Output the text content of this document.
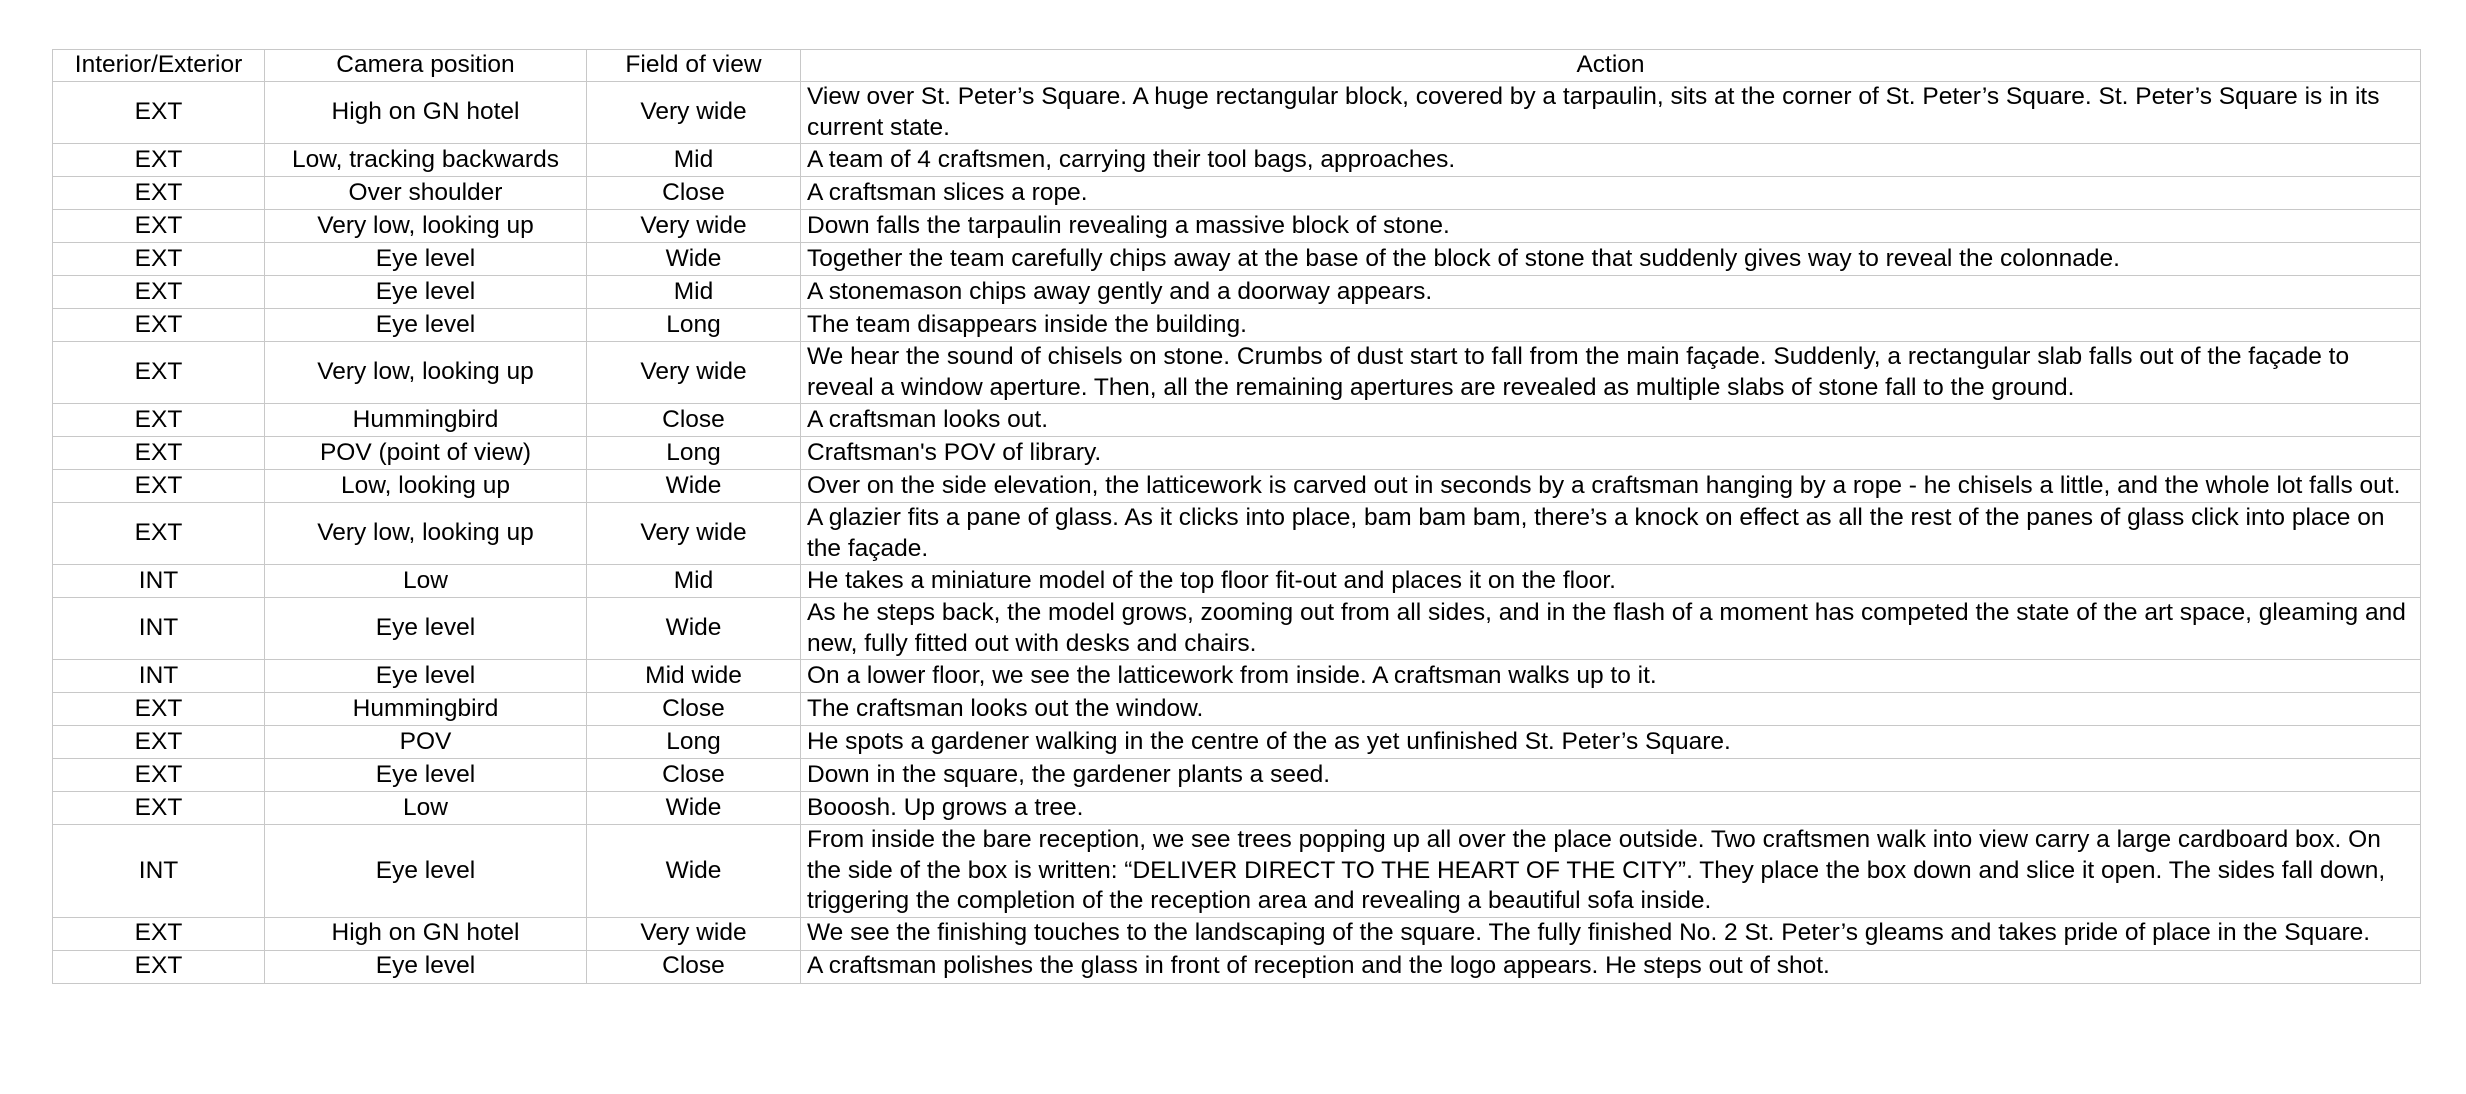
Interior/Exterior	Camera position	Field of view	Action
EXT	High on GN hotel	Very wide	View over St. Peter’s Square. A huge rectangular block, covered by a tarpaulin, sits at the corner of St. Peter’s Square. St. Peter’s Square is in its current state.
EXT	Low, tracking backwards	Mid	A team of 4 craftsmen, carrying their tool bags, approaches.
EXT	Over shoulder	Close	A craftsman slices a rope.
EXT	Very low, looking up	Very wide	Down falls the tarpaulin revealing a massive block of stone.
EXT	Eye level	Wide	Together the team carefully chips away at the base of the block of stone that suddenly gives way to reveal the colonnade.
EXT	Eye level	Mid	A stonemason chips away gently and a doorway appears.
EXT	Eye level	Long	The team disappears inside the building.
EXT	Very low, looking up	Very wide	We hear the sound of chisels on stone. Crumbs of dust start to fall from the main façade. Suddenly, a rectangular slab falls out of the façade to reveal a window aperture. Then, all the remaining apertures are revealed as multiple slabs of stone fall to the ground.
EXT	Hummingbird	Close	A craftsman looks out.
EXT	POV (point of view)	Long	Craftsman's POV of library.
EXT	Low, looking up	Wide	Over on the side elevation, the latticework is carved out in seconds by a craftsman hanging by a rope - he chisels a little, and the whole lot falls out.
EXT	Very low, looking up	Very wide	A glazier fits a pane of glass. As it clicks into place, bam bam bam, there’s a knock on effect as all the rest of the panes of glass click into place on the façade.
INT	Low	Mid	He takes a miniature model of the top floor fit-out and places it on the floor.
INT	Eye level	Wide	As he steps back, the model grows, zooming out from all sides, and in the flash of a moment has competed the state of the art space, gleaming and new, fully fitted out with desks and chairs.
INT	Eye level	Mid wide	On a lower floor, we see the latticework from inside. A craftsman walks up to it.
EXT	Hummingbird	Close	The craftsman looks out the window.
EXT	POV	Long	He spots a gardener walking in the centre of the as yet unfinished St. Peter’s Square.
EXT	Eye level	Close	Down in the square, the gardener plants a seed.
EXT	Low	Wide	Booosh. Up grows a tree.
INT	Eye level	Wide	From inside the bare reception, we see trees popping up all over the place outside. Two craftsmen walk into view carry a large cardboard box. On the side of the box is written: “DELIVER DIRECT TO THE HEART OF THE CITY”. They place the box down and slice it open. The sides fall down, triggering the completion of the reception area and revealing a beautiful sofa inside.
EXT	High on GN hotel	Very wide	We see the finishing touches to the landscaping of the square. The fully finished No. 2 St. Peter’s gleams and takes pride of place in the Square.
EXT	Eye level	Close	A craftsman polishes the glass in front of reception and the logo appears. He steps out of shot.
